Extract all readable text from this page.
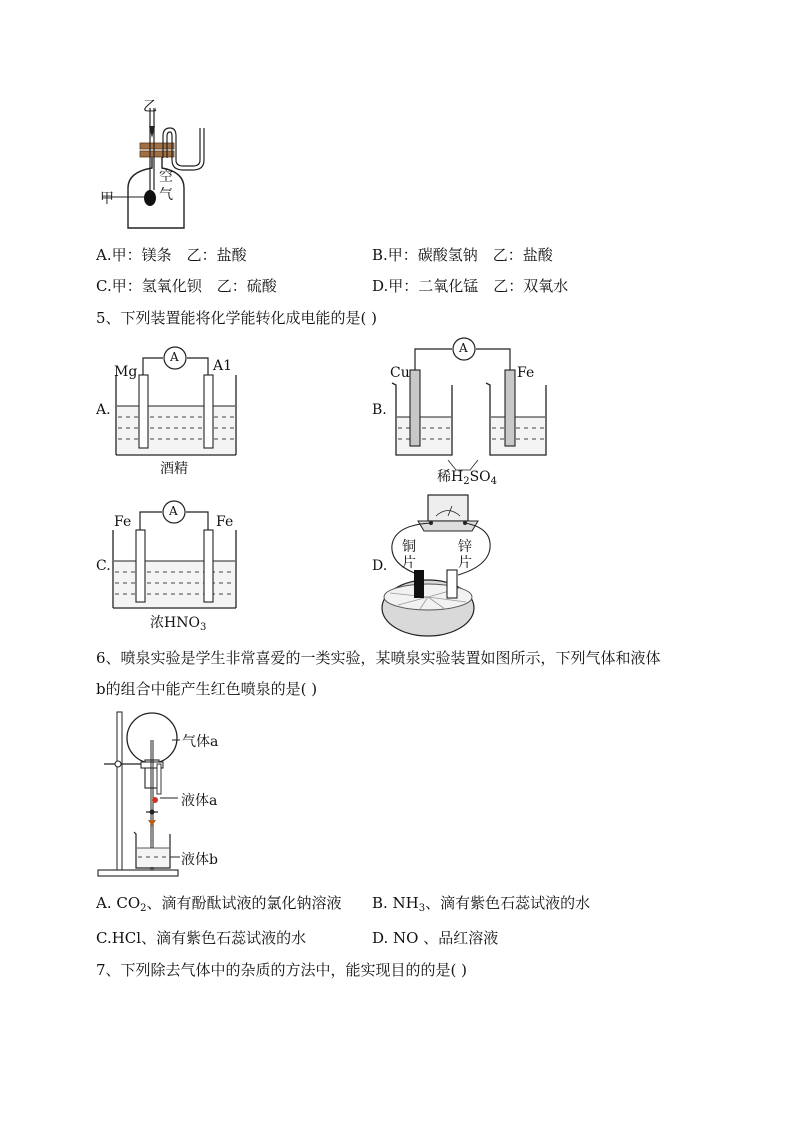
乙
空
气
甲
A.甲：镁条　乙：盐酸	B.甲：碳酸氢钠　乙：盐酸
C.甲：氢氧化钡　乙：硫酸	D.甲：二氧化锰　乙：双氧水
5、下列装置能将化学能转化成电能的是( )
A.
Mg	A1
A
酒精
B.
Cu	Fe
A
稀$H_2SO_4$
C.
Fe	Fe
A
浓$HNO_3$
D.
铜
片
锌
片
6、喷泉实验是学生非常喜爱的一类实验，某喷泉实验装置如图所示，下列气体和液体
b的组合中能产生红色喷泉的是( )
气体a
液体a
液体b
A. $CO_2$、滴有酚酞试液的氯化钠溶液 B. $NH_3$、滴有紫色石蕊试液的水
C.HCl、滴有紫色石蕊试液的水	D. NO 、品红溶液
7、下列除去气体中的杂质的方法中，能实现目的的是( )
